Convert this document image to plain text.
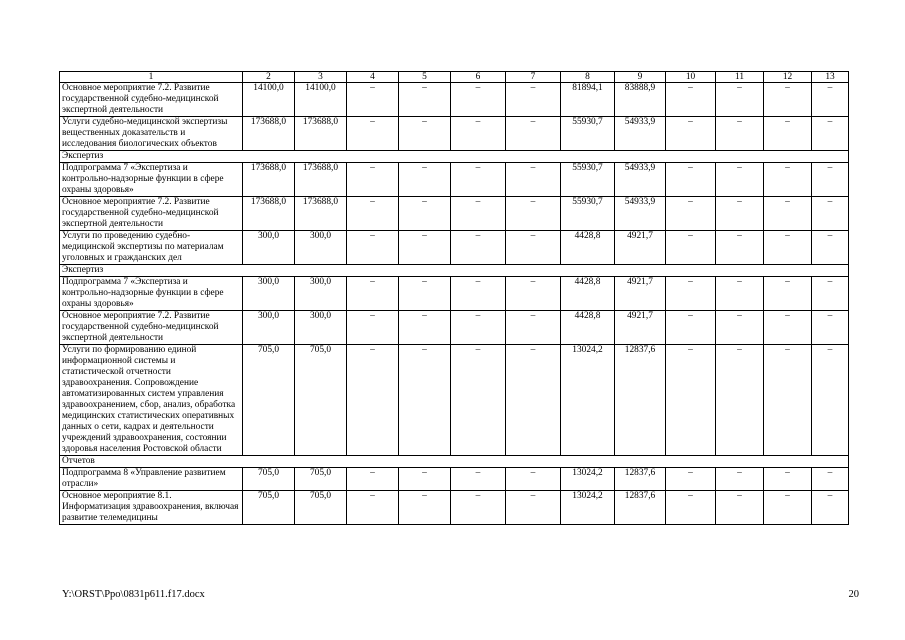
1	2	3	4	5	6	7	8	9	10	11	12	13
Основное мероприятие 7.2. Развитие государственной судебно-медицинской экспертной деятельности	14100,0	14100,0	–	–	–	–	81894,1	83888,9	–	–	–	–
Услуги судебно-медицинской экспертизы вещественных доказательств и исследования биологических объектов	173688,0	173688,0	–	–	–	–	55930,7	54933,9	–	–	–	–
Экспертиз												
Подпрограмма 7 «Экспертиза и контрольно-надзорные функции в сфере охраны здоровья»	173688,0	173688,0	–	–	–	–	55930,7	54933,9	–	–	–	–
Основное мероприятие 7.2. Развитие государственной судебно-медицинской экспертной деятельности	173688,0	173688,0	–	–	–	–	55930,7	54933,9	–	–	–	–
Услуги по проведению судебно-медицинской экспертизы по материалам уголовных и гражданских дел	300,0	300,0	–	–	–	–	4428,8	4921,7	–	–	–	–
Экспертиз												
Подпрограмма 7 «Экспертиза и контрольно-надзорные функции в сфере охраны здоровья»	300,0	300,0	–	–	–	–	4428,8	4921,7	–	–	–	–
Основное мероприятие 7.2. Развитие государственной судебно-медицинской экспертной деятельности	300,0	300,0	–	–	–	–	4428,8	4921,7	–	–	–	–
Услуги по формированию единой информационной системы и статистической отчетности здравоохранения. Сопровождение автоматизированных систем управления здравоохранением, сбор, анализ, обработка медицинских статистических оперативных данных о сети, кадрах и деятельности учреждений здравоохранения, состоянии здоровья населения Ростовской области	705,0	705,0	–	–	–	–	13024,2	12837,6	–	–	–	–
Отчетов												
Подпрограмма 8 «Управление развитием отрасли»	705,0	705,0	–	–	–	–	13024,2	12837,6	–	–	–	–
Основное мероприятие 8.1. Информатизация здравоохранения, включая развитие телемедицины	705,0	705,0	–	–	–	–	13024,2	12837,6	–	–	–	–
Y:\ORST\Ppo\0831p611.f17.docx	20
